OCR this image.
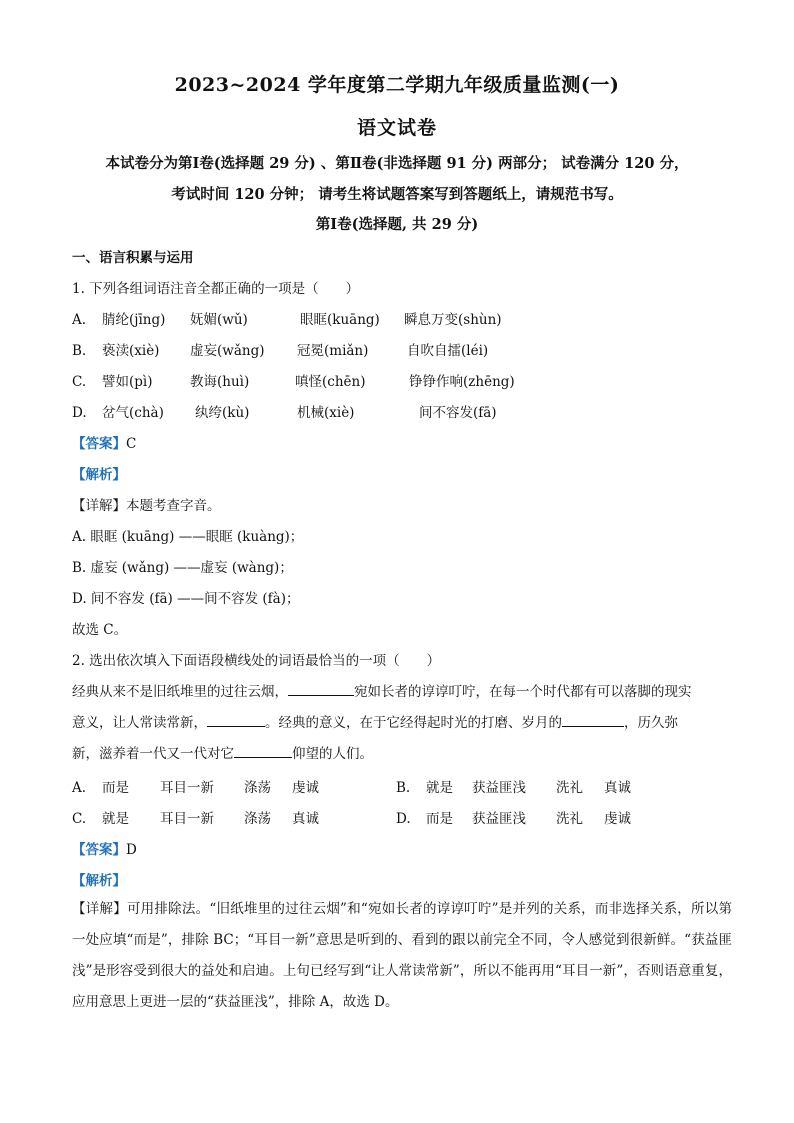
2023~2024 学年度第二学期九年级质量监测(一)
语文试卷
本试卷分为第Ⅰ卷(选择题 29 分) 、第Ⅱ卷(非选择题 91 分) 两部分； 试卷满分 120 分，
考试时间 120 分钟； 请考生将试题答案写到答题纸上，请规范书写。
第Ⅰ卷(选择题, 共 29 分)
一、语言积累与运用
1. 下列各组词语注音全都正确的一项是（　　）
A. 腈纶(jīng) 妩媚(wǔ)	眼眶(kuāng) 瞬息万变(shùn)
B. 亵渎(xiè) 虚妄(wǎng) 冠冕(miǎn)	自吹自擂(léi)
C. 譬如(pì)	教诲(huì)	嗔怪(chēn)	铮铮作响(zhēng)
D. 岔气(chà) 纨绔(kù)	机械(xiè)	间不容发(fā)
【答案】C
【解析】
【详解】本题考查字音。
A. 眼眶 (kuāng) ——眼眶 (kuàng)；
B. 虚妄 (wǎng) ——虚妄 (wàng)；
D. 间不容发 (fā) ——间不容发 (fà)；
故选 C。
2. 选出依次填入下面语段横线处的词语最恰当的一项（　　）
经典从来不是旧纸堆里的过往云烟，	宛如长者的谆谆叮咛，在每一个时代都有可以落脚的现实
意义，让人常读常新，	。经典的意义，在于它经得起时光的打磨、岁月的	，历久弥
新，滋养着一代又一代对它	仰望的人们。
A. 而是 耳目一新 涤荡 虔诚	B. 就是 获益匪浅 洗礼 真诚
C. 就是 耳目一新 涤荡 真诚	D. 而是 获益匪浅 洗礼 虔诚
【答案】D
【解析】
【详解】可用排除法。“旧纸堆里的过往云烟”和“宛如长者的谆谆叮咛”是并列的关系，而非选择关系，所以第一处应填“而是”，排除 BC；“耳目一新”意思是听到的、看到的跟以前完全不同，令人感觉到很新鲜。“获益匪浅”是形容受到很大的益处和启迪。上句已经写到“让人常读常新”，所以不能再用“耳目一新”，否则语意重复，应用意思上更进一层的“获益匪浅”，排除 A，故选 D。
